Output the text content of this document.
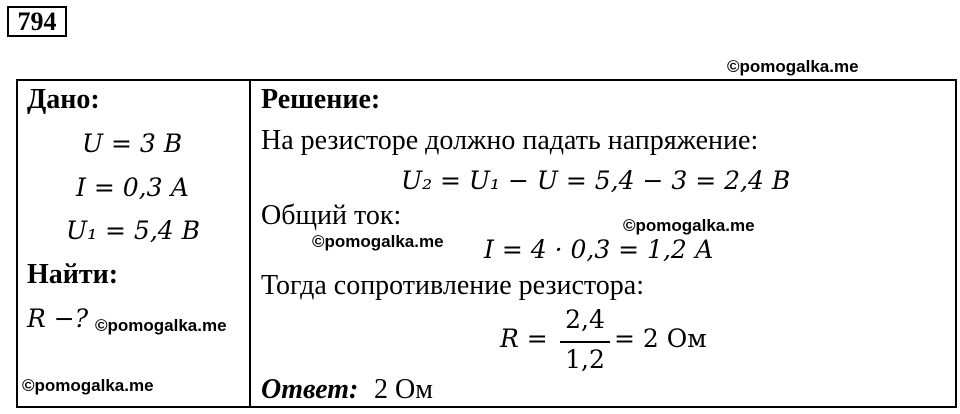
794
©pomogalka.me
Дано:
U = 3 В
I = 0,3 А
U₁ = 5,4 В
Найти:
R −? ©pomogalka.me
©pomogalka.me
Решение:
На резисторе должно падать напряжение:
U₂ = U₁ − U = 5,4 − 3 = 2,4 В
Общий ток:	©pomogalka.me
©pomogalka.me I = 4 · 0,3 = 1,2 А
Тогда сопротивление резистора:
R =
2,4
1,2
= 2 Ом
Ответ: 2 Ом
